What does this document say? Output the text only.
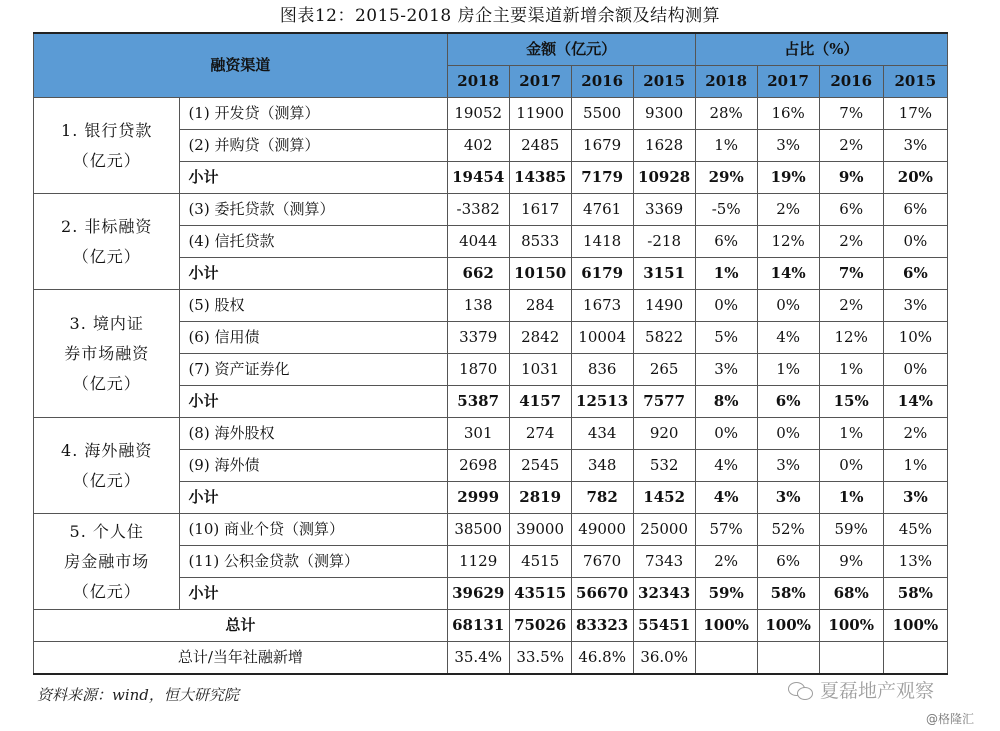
图表12：2015-2018 房企主要渠道新增余额及结构测算
融资渠道		金额（亿元）				占比（%）			
		2018	2017	2016	2015	2018	2017	2016	2015
1. 银行贷款
（亿元）	(1) 开发贷（测算）	19052	11900	5500	9300	28%	16%	7%	17%
	(2) 并购贷（测算）	402	2485	1679	1628	1%	3%	2%	3%
	小计	19454	14385	7179	10928	29%	19%	9%	20%
2. 非标融资
（亿元）	(3) 委托贷款（测算）	-3382	1617	4761	3369	-5%	2%	6%	6%
	(4) 信托贷款	4044	8533	1418	-218	6%	12%	2%	0%
	小计	662	10150	6179	3151	1%	14%	7%	6%
3. 境内证
券市场融资
（亿元）	(5) 股权	138	284	1673	1490	0%	0%	2%	3%
	(6) 信用债	3379	2842	10004	5822	5%	4%	12%	10%
	(7) 资产证券化	1870	1031	836	265	3%	1%	1%	0%
	小计	5387	4157	12513	7577	8%	6%	15%	14%
4. 海外融资
（亿元）	(8) 海外股权	301	274	434	920	0%	0%	1%	2%
	(9) 海外债	2698	2545	348	532	4%	3%	0%	1%
	小计	2999	2819	782	1452	4%	3%	1%	3%
5. 个人住
房金融市场
（亿元）	(10) 商业个贷（测算）	38500	39000	49000	25000	57%	52%	59%	45%
	(11) 公积金贷款（测算）	1129	4515	7670	7343	2%	6%	9%	13%
	小计	39629	43515	56670	32343	59%	58%	68%	58%
总计		68131	75026	83323	55451	100%	100%	100%	100%
总计/当年社融新增		35.4%	33.5%	46.8%	36.0%				
资料来源：wind，恒大研究院	夏磊地产观察
@格隆汇
